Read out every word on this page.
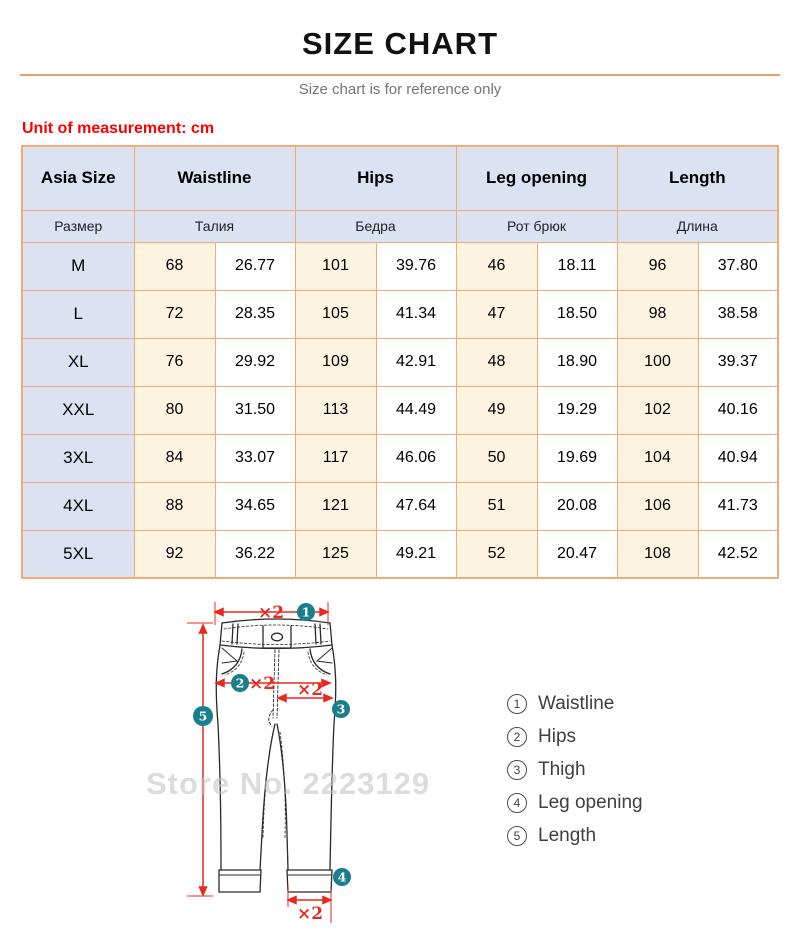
SIZE CHART

Size chart is for reference only

Unit of measurement: cm

Asia Size	Waistline		Hips		Leg opening		Length	
Размер	Талия		Бедра		Рот брюк		Длина	
M	68	26.77	101	39.76	46	18.11	96	37.80
L	72	28.35	105	41.34	47	18.50	98	38.58
XL	76	29.92	109	42.91	48	18.90	100	39.37
XXL	80	31.50	113	44.49	49	19.29	102	40.16
3XL	84	33.07	117	46.06	50	19.69	104	40.94
4XL	88	34.65	121	47.64	51	20.08	106	41.73
5XL	92	36.22	125	49.21	52	20.47	108	42.52
×2
×2 ×2
×2
1
2
3
4
5
Store No. 2223129
1 Waistline
2 Hips
3 Thigh
4 Leg opening
5 Length
